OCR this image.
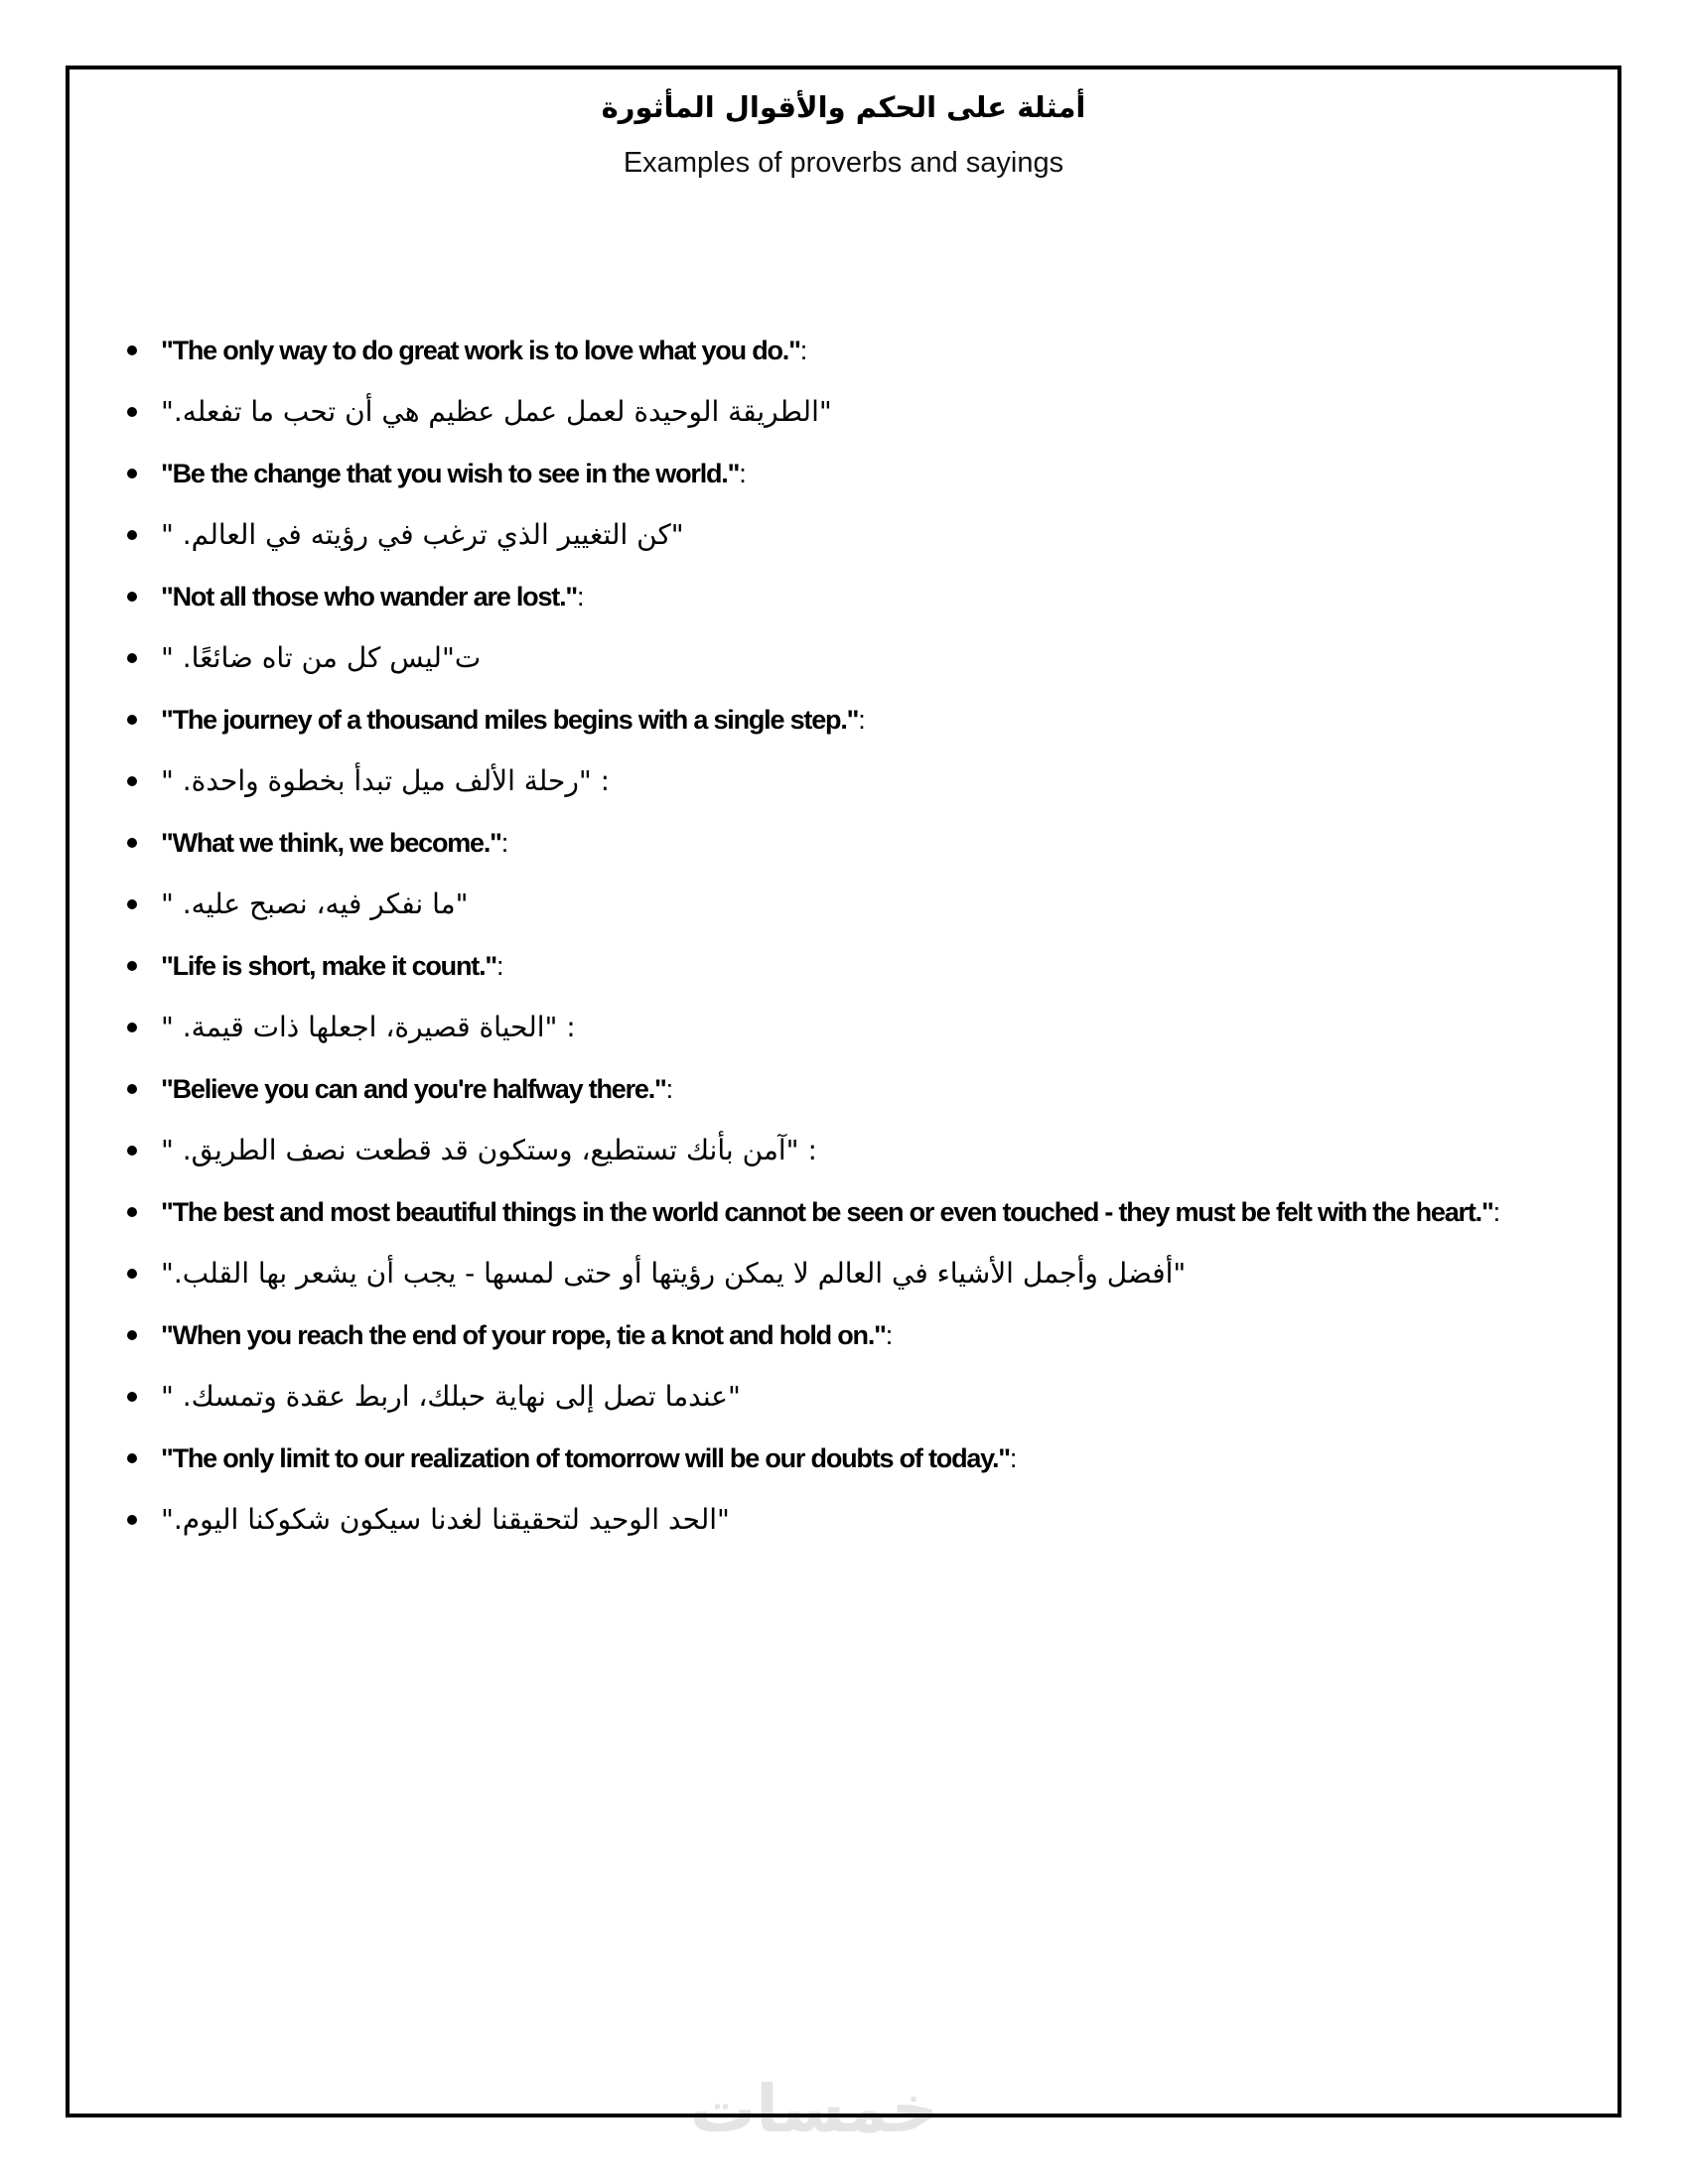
خمسات
أمثلة على الحكم والأقوال المأثورة
Examples of proverbs and sayings
"The only way to do great work is to love what you do.":
"الطريقة الوحيدة لعمل عمل عظيم هي أن تحب ما تفعله."
"Be the change that you wish to see in the world.":
"كن التغيير الذي ترغب في رؤيته في العالم. "
"Not all those who wander are lost.":
ت"ليس كل من تاه ضائعًا. "
"The journey of a thousand miles begins with a single step.":
: "رحلة الألف ميل تبدأ بخطوة واحدة. "
"What we think, we become.":
"ما نفكر فيه، نصبح عليه. "
"Life is short, make it count.":
: "الحياة قصيرة، اجعلها ذات قيمة. "
"Believe you can and you're halfway there.":
: "آمن بأنك تستطيع، وستكون قد قطعت نصف الطريق. "
"The best and most beautiful things in the world cannot be seen or even touched - they must be felt with the heart.":
"أفضل وأجمل الأشياء في العالم لا يمكن رؤيتها أو حتى لمسها - يجب أن يشعر بها القلب."
"When you reach the end of your rope, tie a knot and hold on.":
"عندما تصل إلى نهاية حبلك، اربط عقدة وتمسك. "
"The only limit to our realization of tomorrow will be our doubts of today.":
"الحد الوحيد لتحقيقنا لغدنا سيكون شكوكنا اليوم."
